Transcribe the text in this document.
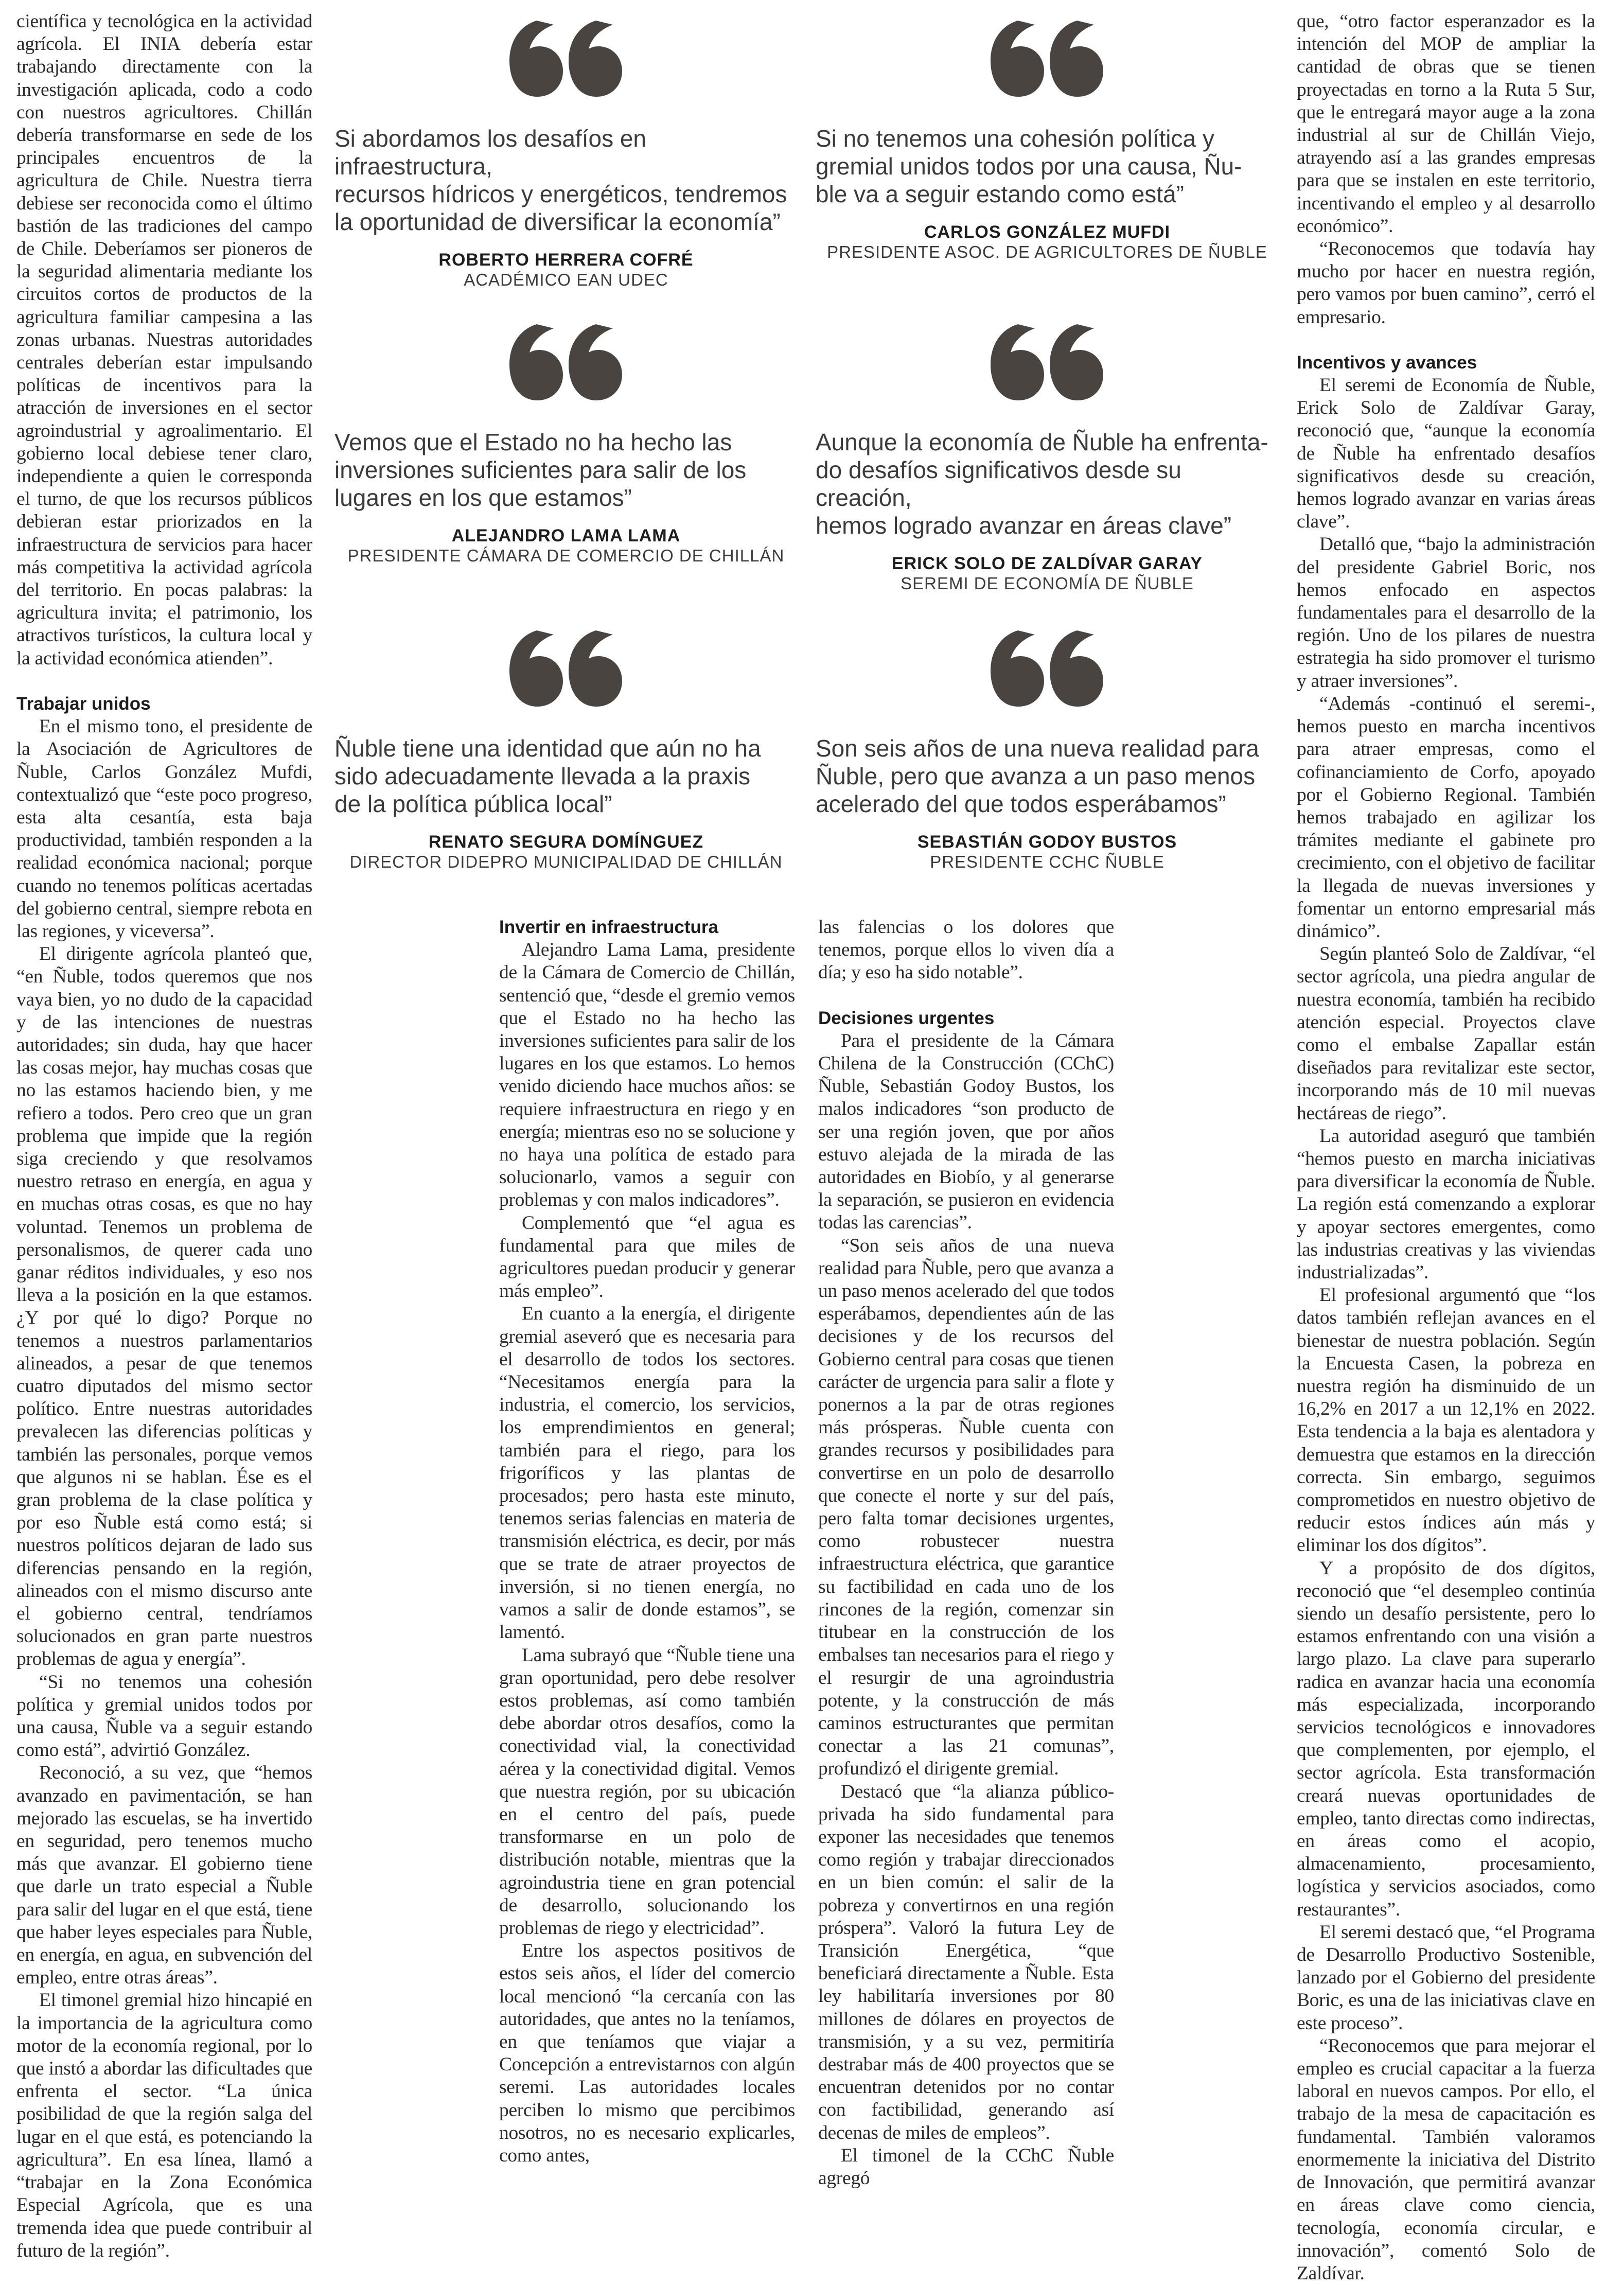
científica y tecnológica en la actividad agrícola. El INIA debería estar trabajando directamente con la investigación aplicada, codo a codo con nuestros agricultores. Chillán debería transformarse en sede de los principales encuentros de la agricultura de Chile. Nuestra tierra debiese ser reconocida como el último bastión de las tradiciones del campo de Chile. Deberíamos ser pioneros de la seguridad alimentaria mediante los circuitos cortos de productos de la agricultura familiar campesina a las zonas urbanas. Nuestras autoridades centrales deberían estar impulsando políticas de incentivos para la atracción de inversiones en el sector agroindustrial y agroalimentario. El gobierno local debiese tener claro, independiente a quien le corresponda el turno, de que los recursos públicos debieran estar priorizados en la infraestructura de servicios para hacer más competitiva la actividad agrícola del territorio. En pocas palabras: la agricultura invita; el patrimonio, los atractivos turísticos, la cultura local y la actividad económica atienden”.

Trabajar unidos

En el mismo tono, el presidente de la Asociación de Agricultores de Ñuble, Carlos González Mufdi, contextualizó que “este poco progreso, esta alta cesantía, esta baja productividad, también responden a la realidad económica nacional; porque cuando no tenemos políticas acertadas del gobierno central, siempre rebota en las regiones, y viceversa”.

El dirigente agrícola planteó que, “en Ñuble, todos queremos que nos vaya bien, yo no dudo de la capacidad y de las intenciones de nuestras autoridades; sin duda, hay que hacer las cosas mejor, hay muchas cosas que no las estamos haciendo bien, y me refiero a todos. Pero creo que un gran problema que impide que la región siga creciendo y que resolvamos nuestro retraso en energía, en agua y en muchas otras cosas, es que no hay voluntad. Tenemos un problema de personalismos, de querer cada uno ganar réditos individuales, y eso nos lleva a la posición en la que estamos. ¿Y por qué lo digo? Porque no tenemos a nuestros parlamentarios alineados, a pesar de que tenemos cuatro diputados del mismo sector político. Entre nuestras autoridades prevalecen las diferencias políticas y también las personales, porque vemos que algunos ni se hablan. Ése es el gran problema de la clase política y por eso Ñuble está como está; si nuestros políticos dejaran de lado sus diferencias pensando en la región, alineados con el mismo discurso ante el gobierno central, tendríamos solucionados en gran parte nuestros problemas de agua y energía”.

“Si no tenemos una cohesión política y gremial unidos todos por una causa, Ñuble va a seguir estando como está”, advirtió González.

Reconoció, a su vez, que “hemos avanzado en pavimentación, se han mejorado las escuelas, se ha invertido en seguridad, pero tenemos mucho más que avanzar. El gobierno tiene que darle un trato especial a Ñuble para salir del lugar en el que está, tiene que haber leyes especiales para Ñuble, en energía, en agua, en subvención del empleo, entre otras áreas”.

El timonel gremial hizo hincapié en la importancia de la agricultura como motor de la economía regional, por lo que instó a abordar las dificultades que enfrenta el sector. “La única posibilidad de que la región salga del lugar en el que está, es potenciando la agricultura”. En esa línea, llamó a “trabajar en la Zona Económica Especial Agrícola, que es una tremenda idea que puede contribuir al futuro de la región”.

Si abordamos los desafíos en infraestructura,
recursos hídricos y energéticos, tendremos
la oportunidad de diversificar la economía”
ROBERTO HERRERA COFRÉ
ACADÉMICO EAN UDEC
Si no tenemos una cohesión política y
gremial unidos todos por una causa, Ñu-
ble va a seguir estando como está”
CARLOS GONZÁLEZ MUFDI
PRESIDENTE ASOC. DE AGRICULTORES DE ÑUBLE
Vemos que el Estado no ha hecho las
inversiones suficientes para salir de los
lugares en los que estamos”
ALEJANDRO LAMA LAMA
PRESIDENTE CÁMARA DE COMERCIO DE CHILLÁN
Aunque la economía de Ñuble ha enfrenta-
do desafíos significativos desde su creación,
hemos logrado avanzar en áreas clave”
ERICK SOLO DE ZALDÍVAR GARAY
SEREMI DE ECONOMÍA DE ÑUBLE
Ñuble tiene una identidad que aún no ha
sido adecuadamente llevada a la praxis
de la política pública local”
RENATO SEGURA DOMÍNGUEZ
DIRECTOR DIDEPRO MUNICIPALIDAD DE CHILLÁN
Son seis años de una nueva realidad para
Ñuble, pero que avanza a un paso menos
acelerado del que todos esperábamos”
SEBASTIÁN GODOY BUSTOS
PRESIDENTE CCHC ÑUBLE
Invertir en infraestructura

Alejandro Lama Lama, presidente de la Cámara de Comercio de Chillán, sentenció que, “desde el gremio vemos que el Estado no ha hecho las inversiones suficientes para salir de los lugares en los que estamos. Lo hemos venido diciendo hace muchos años: se requiere infraestructura en riego y en energía; mientras eso no se solucione y no haya una política de estado para solucionarlo, vamos a seguir con problemas y con malos indicadores”.

Complementó que “el agua es fundamental para que miles de agricultores puedan producir y generar más empleo”.

En cuanto a la energía, el dirigente gremial aseveró que es necesaria para el desarrollo de todos los sectores. “Necesitamos energía para la industria, el comercio, los servicios, los emprendimientos en general; también para el riego, para los frigoríficos y las plantas de procesados; pero hasta este minuto, tenemos serias falencias en materia de transmisión eléctrica, es decir, por más que se trate de atraer proyectos de inversión, si no tienen energía, no vamos a salir de donde estamos”, se lamentó.

Lama subrayó que “Ñuble tiene una gran oportunidad, pero debe resolver estos problemas, así como también debe abordar otros desafíos, como la conectividad vial, la conectividad aérea y la conectividad digital. Vemos que nuestra región, por su ubicación en el centro del país, puede transformarse en un polo de distribución notable, mientras que la agroindustria tiene en gran potencial de desarrollo, solucionando los problemas de riego y electricidad”.

Entre los aspectos positivos de estos seis años, el líder del comercio local mencionó “la cercanía con las autoridades, que antes no la teníamos, en que teníamos que viajar a Concepción a entrevistarnos con algún seremi. Las autoridades locales perciben lo mismo que percibimos nosotros, no es necesario explicarles, como antes,

las falencias o los dolores que tenemos, porque ellos lo viven día a día; y eso ha sido notable”.

Decisiones urgentes

Para el presidente de la Cámara Chilena de la Construcción (CChC) Ñuble, Sebastián Godoy Bustos, los malos indicadores “son producto de ser una región joven, que por años estuvo alejada de la mirada de las autoridades en Biobío, y al generarse la separación, se pusieron en evidencia todas las carencias”.

“Son seis años de una nueva realidad para Ñuble, pero que avanza a un paso menos acelerado del que todos esperábamos, dependientes aún de las decisiones y de los recursos del Gobierno central para cosas que tienen carácter de urgencia para salir a flote y ponernos a la par de otras regiones más prósperas. Ñuble cuenta con grandes recursos y posibilidades para convertirse en un polo de desarrollo que conecte el norte y sur del país, pero falta tomar decisiones urgentes, como robustecer nuestra infraestructura eléctrica, que garantice su factibilidad en cada uno de los rincones de la región, comenzar sin titubear en la construcción de los embalses tan necesarios para el riego y el resurgir de una agroindustria potente, y la construcción de más caminos estructurantes que permitan conectar a las 21 comunas”, profundizó el dirigente gremial.

Destacó que “la alianza público-privada ha sido fundamental para exponer las necesidades que tenemos como región y trabajar direccionados en un bien común: el salir de la pobreza y convertirnos en una región próspera”. Valoró la futura Ley de Transición Energética, “que beneficiará directamente a Ñuble. Esta ley habilitaría inversiones por 80 millones de dólares en proyectos de transmisión, y a su vez, permitiría destrabar más de 400 proyectos que se encuentran detenidos por no contar con factibilidad, generando así decenas de miles de empleos”.

El timonel de la CChC Ñuble agregó

que, “otro factor esperanzador es la intención del MOP de ampliar la cantidad de obras que se tienen proyectadas en torno a la Ruta 5 Sur, que le entregará mayor auge a la zona industrial al sur de Chillán Viejo, atrayendo así a las grandes empresas para que se instalen en este territorio, incentivando el empleo y al desarrollo económico”.

“Reconocemos que todavía hay mucho por hacer en nuestra región, pero vamos por buen camino”, cerró el empresario.

Incentivos y avances

El seremi de Economía de Ñuble, Erick Solo de Zaldívar Garay, reconoció que, “aunque la economía de Ñuble ha enfrentado desafíos significativos desde su creación, hemos logrado avanzar en varias áreas clave”.

Detalló que, “bajo la administración del presidente Gabriel Boric, nos hemos enfocado en aspectos fundamentales para el desarrollo de la región. Uno de los pilares de nuestra estrategia ha sido promover el turismo y atraer inversiones”.

“Además -continuó el seremi-, hemos puesto en marcha incentivos para atraer empresas, como el cofinanciamiento de Corfo, apoyado por el Gobierno Regional. También hemos trabajado en agilizar los trámites mediante el gabinete pro crecimiento, con el objetivo de facilitar la llegada de nuevas inversiones y fomentar un entorno empresarial más dinámico”.

Según planteó Solo de Zaldívar, “el sector agrícola, una piedra angular de nuestra economía, también ha recibido atención especial. Proyectos clave como el embalse Zapallar están diseñados para revitalizar este sector, incorporando más de 10 mil nuevas hectáreas de riego”.

La autoridad aseguró que también “hemos puesto en marcha iniciativas para diversificar la economía de Ñuble. La región está comenzando a explorar y apoyar sectores emergentes, como las industrias creativas y las viviendas industrializadas”.

El profesional argumentó que “los datos también reflejan avances en el bienestar de nuestra población. Según la Encuesta Casen, la pobreza en nuestra región ha disminuido de un 16,2% en 2017 a un 12,1% en 2022. Esta tendencia a la baja es alentadora y demuestra que estamos en la dirección correcta. Sin embargo, seguimos comprometidos en nuestro objetivo de reducir estos índices aún más y eliminar los dos dígitos”.

Y a propósito de dos dígitos, reconoció que “el desempleo continúa siendo un desafío persistente, pero lo estamos enfrentando con una visión a largo plazo. La clave para superarlo radica en avanzar hacia una economía más especializada, incorporando servicios tecnológicos e innovadores que complementen, por ejemplo, el sector agrícola. Esta transformación creará nuevas oportunidades de empleo, tanto directas como indirectas, en áreas como el acopio, almacenamiento, procesamiento, logística y servicios asociados, como restaurantes”.

El seremi destacó que, “el Programa de Desarrollo Productivo Sostenible, lanzado por el Gobierno del presidente Boric, es una de las iniciativas clave en este proceso”.

“Reconocemos que para mejorar el empleo es crucial capacitar a la fuerza laboral en nuevos campos. Por ello, el trabajo de la mesa de capacitación es fundamental. También valoramos enormemente la iniciativa del Distrito de Innovación, que permitirá avanzar en áreas clave como ciencia, tecnología, economía circular, e innovación”, comentó Solo de Zaldívar.
